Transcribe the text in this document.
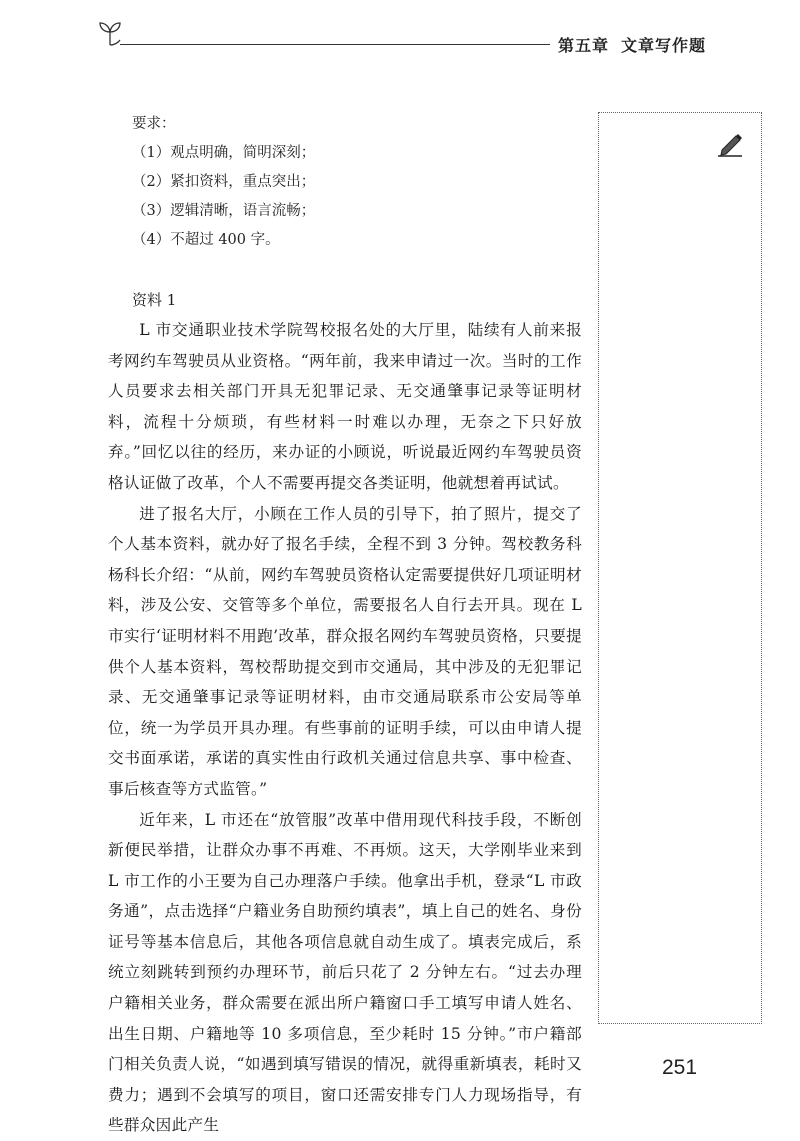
第五章 文章写作题
要求：
（1）观点明确，简明深刻；
（2）紧扣资料，重点突出；
（3）逻辑清晰，语言流畅；
（4）不超过 400 字。
资料 1

L 市交通职业技术学院驾校报名处的大厅里，陆续有人前来报考网约车驾驶员从业资格。“两年前，我来申请过一次。当时的工作人员要求去相关部门开具无犯罪记录、无交通肇事记录等证明材料，流程十分烦琐，有些材料一时难以办理，无奈之下只好放弃。”回忆以往的经历，来办证的小顾说，听说最近网约车驾驶员资格认证做了改革，个人不需要再提交各类证明，他就想着再试试。

进了报名大厅，小顾在工作人员的引导下，拍了照片，提交了个人基本资料，就办好了报名手续，全程不到 3 分钟。驾校教务科杨科长介绍：“从前，网约车驾驶员资格认定需要提供好几项证明材料，涉及公安、交管等多个单位，需要报名人自行去开具。现在 L 市实行‘证明材料不用跑’改革，群众报名网约车驾驶员资格，只要提供个人基本资料，驾校帮助提交到市交通局，其中涉及的无犯罪记录、无交通肇事记录等证明材料，由市交通局联系市公安局等单位，统一为学员开具办理。有些事前的证明手续，可以由申请人提交书面承诺，承诺的真实性由行政机关通过信息共享、事中检查、事后核查等方式监管。”

近年来，L 市还在“放管服”改革中借用现代科技手段，不断创新便民举措，让群众办事不再难、不再烦。这天，大学刚毕业来到 L 市工作的小王要为自己办理落户手续。他拿出手机，登录“L 市政务通”，点击选择“户籍业务自助预约填表”，填上自己的姓名、身份证号等基本信息后，其他各项信息就自动生成了。填表完成后，系统立刻跳转到预约办理环节，前后只花了 2 分钟左右。“过去办理户籍相关业务，群众需要在派出所户籍窗口手工填写申请人姓名、出生日期、户籍地等 10 多项信息，至少耗时 15 分钟。”市户籍部门相关负责人说，“如遇到填写错误的情况，就得重新填表，耗时又费力；遇到不会填写的项目，窗口还需安排专门人力现场指导，有些群众因此产生

251
